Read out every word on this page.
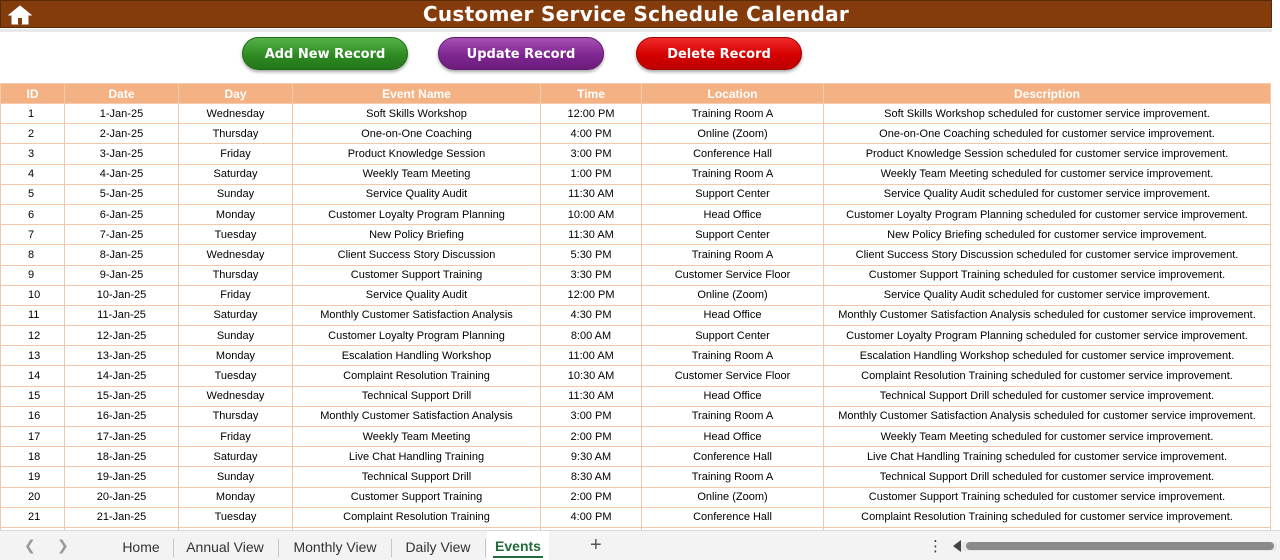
Customer Service Schedule Calendar
Add New Record	Update Record	Delete Record
ID	Date	Day	Event Name	Time	Location	Description
1	1-Jan-25	Wednesday	Soft Skills Workshop	12:00 PM	Training Room A	Soft Skills Workshop scheduled for customer service improvement.
2	2-Jan-25	Thursday	One-on-One Coaching	4:00 PM	Online (Zoom)	One-on-One Coaching scheduled for customer service improvement.
3	3-Jan-25	Friday	Product Knowledge Session	3:00 PM	Conference Hall	Product Knowledge Session scheduled for customer service improvement.
4	4-Jan-25	Saturday	Weekly Team Meeting	1:00 PM	Training Room A	Weekly Team Meeting scheduled for customer service improvement.
5	5-Jan-25	Sunday	Service Quality Audit	11:30 AM	Support Center	Service Quality Audit scheduled for customer service improvement.
6	6-Jan-25	Monday	Customer Loyalty Program Planning	10:00 AM	Head Office	Customer Loyalty Program Planning scheduled for customer service improvement.
7	7-Jan-25	Tuesday	New Policy Briefing	11:30 AM	Support Center	New Policy Briefing scheduled for customer service improvement.
8	8-Jan-25	Wednesday	Client Success Story Discussion	5:30 PM	Training Room A	Client Success Story Discussion scheduled for customer service improvement.
9	9-Jan-25	Thursday	Customer Support Training	3:30 PM	Customer Service Floor	Customer Support Training scheduled for customer service improvement.
10	10-Jan-25	Friday	Service Quality Audit	12:00 PM	Online (Zoom)	Service Quality Audit scheduled for customer service improvement.
11	11-Jan-25	Saturday	Monthly Customer Satisfaction Analysis	4:30 PM	Head Office	Monthly Customer Satisfaction Analysis scheduled for customer service improvement.
12	12-Jan-25	Sunday	Customer Loyalty Program Planning	8:00 AM	Support Center	Customer Loyalty Program Planning scheduled for customer service improvement.
13	13-Jan-25	Monday	Escalation Handling Workshop	11:00 AM	Training Room A	Escalation Handling Workshop scheduled for customer service improvement.
14	14-Jan-25	Tuesday	Complaint Resolution Training	10:30 AM	Customer Service Floor	Complaint Resolution Training scheduled for customer service improvement.
15	15-Jan-25	Wednesday	Technical Support Drill	11:30 AM	Head Office	Technical Support Drill scheduled for customer service improvement.
16	16-Jan-25	Thursday	Monthly Customer Satisfaction Analysis	3:00 PM	Training Room A	Monthly Customer Satisfaction Analysis scheduled for customer service improvement.
17	17-Jan-25	Friday	Weekly Team Meeting	2:00 PM	Head Office	Weekly Team Meeting scheduled for customer service improvement.
18	18-Jan-25	Saturday	Live Chat Handling Training	9:30 AM	Conference Hall	Live Chat Handling Training scheduled for customer service improvement.
19	19-Jan-25	Sunday	Technical Support Drill	8:30 AM	Training Room A	Technical Support Drill scheduled for customer service improvement.
20	20-Jan-25	Monday	Customer Support Training	2:00 PM	Online (Zoom)	Customer Support Training scheduled for customer service improvement.
21	21-Jan-25	Tuesday	Complaint Resolution Training	4:00 PM	Conference Hall	Complaint Resolution Training scheduled for customer service improvement.

❮ ❯	Home	Annual View	Monthly View	Daily View	Events	+	⋮
